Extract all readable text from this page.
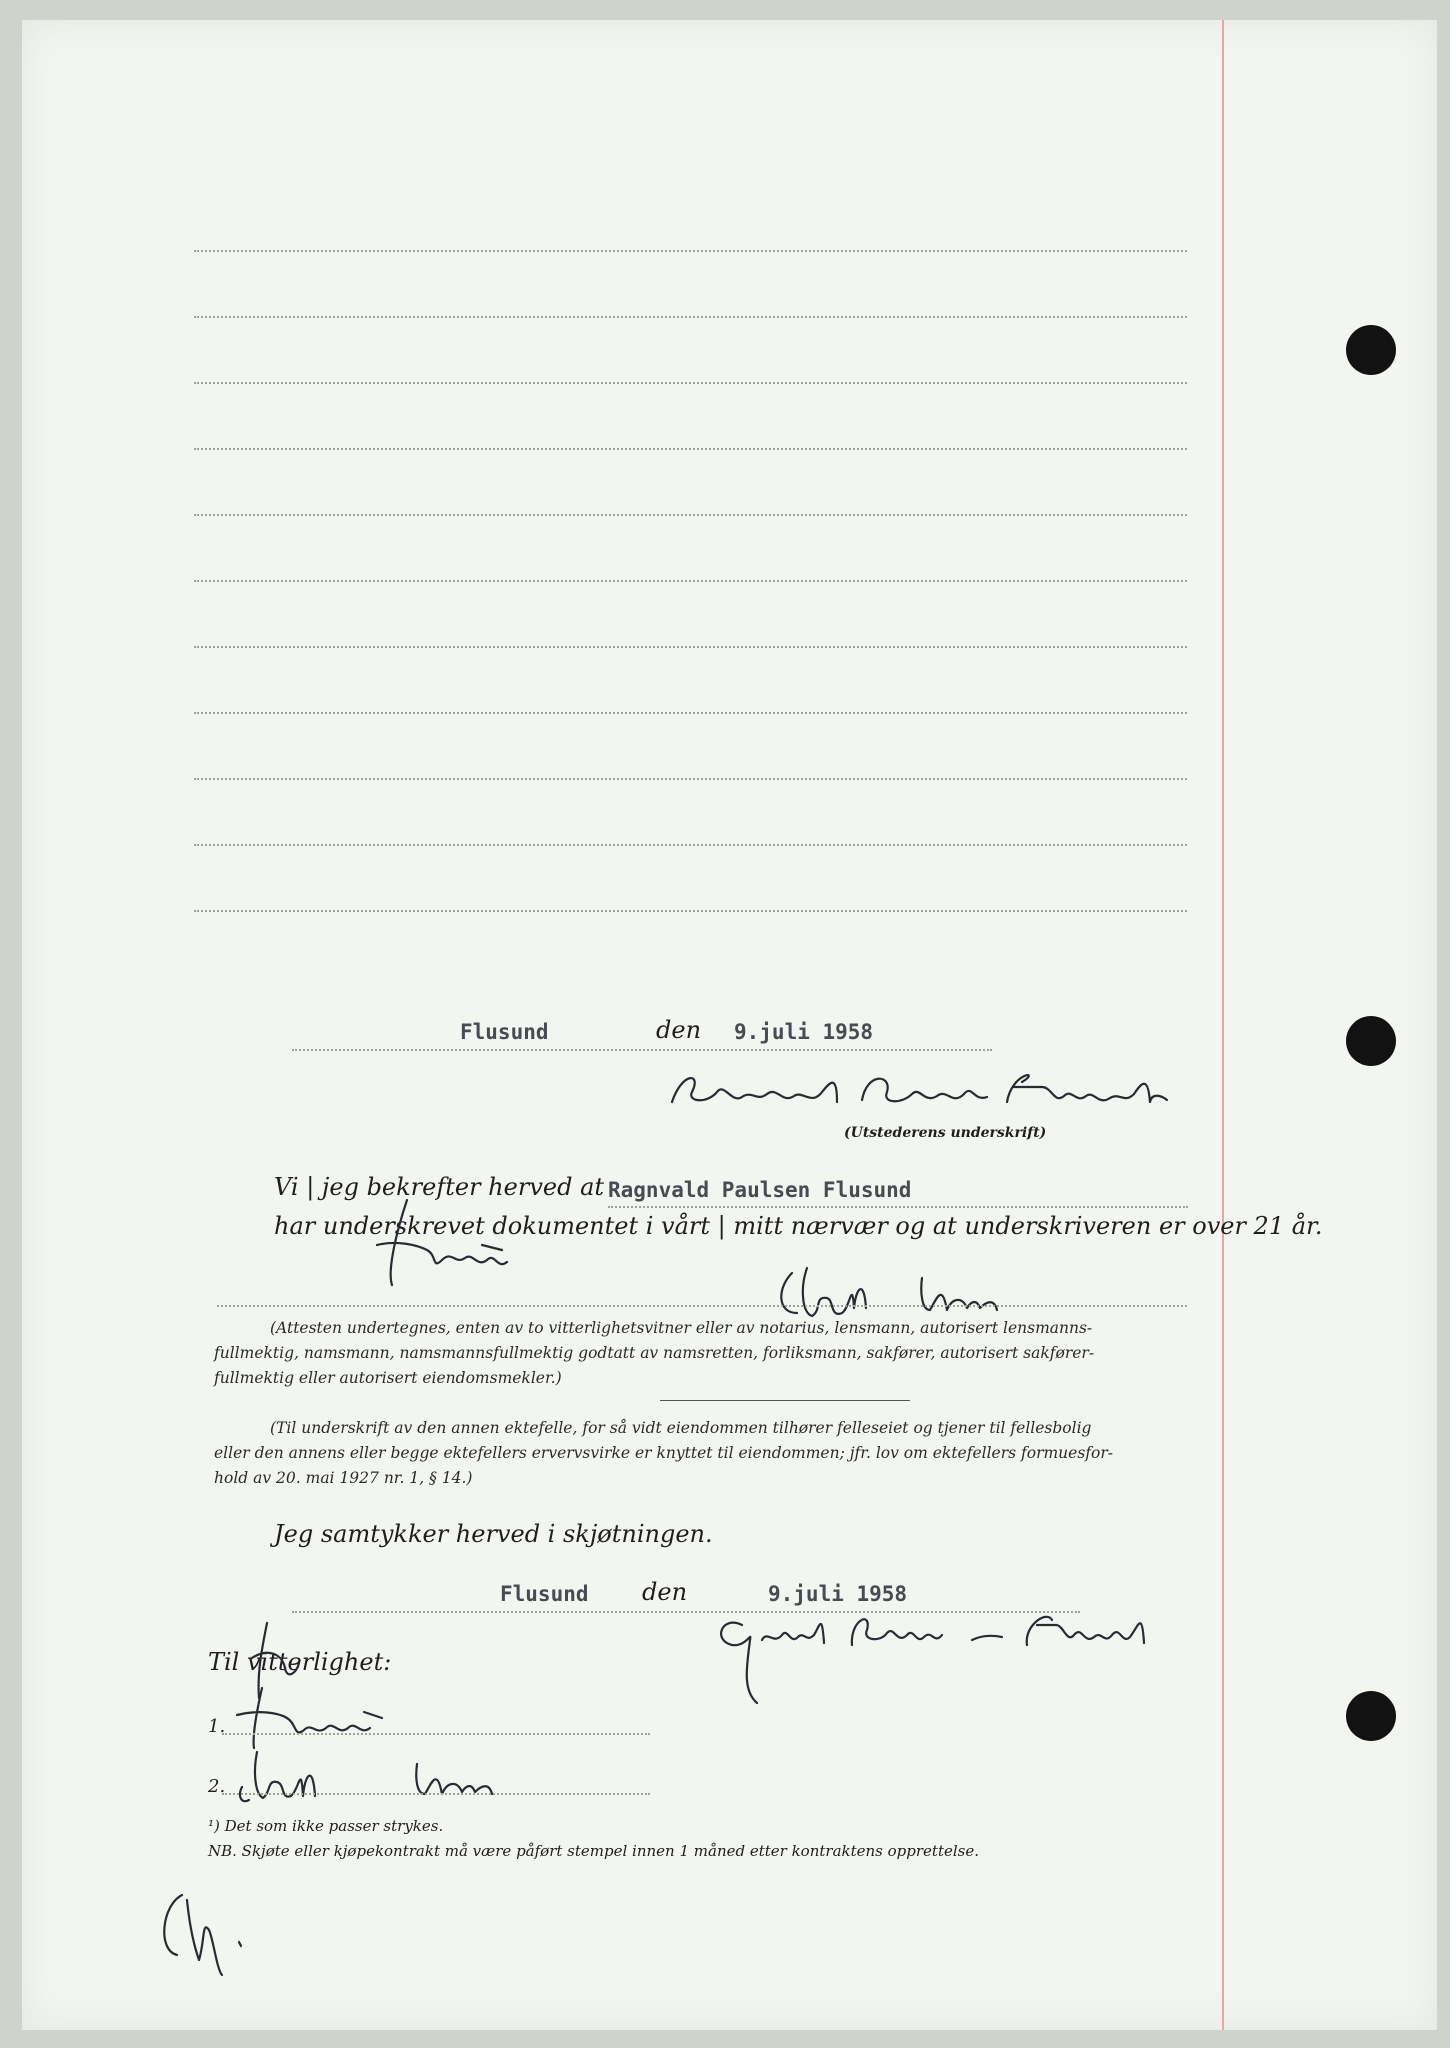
Flusund	den 9.juli 1958
(Utstederens underskrift)
Vi | jeg bekrefter herved at Ragnvald Paulsen Flusund
har underskrevet dokumentet i vårt | mitt nærvær og at underskriveren er over 21 år.
(Attesten undertegnes, enten av to vitterlighetsvitner eller av notarius, lensmann, autorisert lensmanns-
fullmektig, namsmann, namsmannsfullmektig godtatt av namsretten, forliksmann, sakfører, autorisert sakfører-
fullmektig eller autorisert eiendomsmekler.)
(Til underskrift av den annen ektefelle, for så vidt eiendommen tilhører felleseiet og tjener til fellesbolig
eller den annens eller begge ektefellers ervervsvirke er knyttet til eiendommen; jfr. lov om ektefellers formuesfor-
hold av 20. mai 1927 nr. 1, § 14.)
Jeg samtykker herved i skjøtningen.
Flusund den	9.juli 1958
Til vitterlighet:
1.
2.
¹) Det som ikke passer strykes.
NB. Skjøte eller kjøpekontrakt må være påført stempel innen 1 måned etter kontraktens opprettelse.
